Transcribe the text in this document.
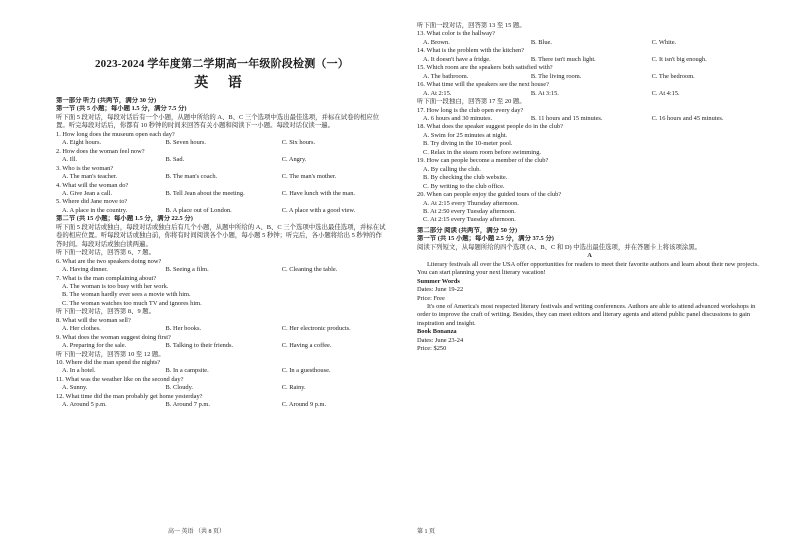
2023-2024 学年度第二学期高一年级阶段检测（一）
英 语
第一部分 听力 (共两节，满分 30 分)
第一节 (共 5 小题；每小题 1.5 分，满分 7.5 分)
听下面 5 段对话，每段对话后有一个小题，从题中所给的 A、B、C 三个选项中选出最佳选项，并标在试卷的相应位置。听完每段对话后，你都有 10 秒钟的时间来回答有关小题和阅读下一小题。每段对话仅读一遍。
1. How long does the museum open each day?
A. Eight hours.	B. Seven hours.	C. Six hours.
2. How does the woman feel now?
A. Ill.	B. Sad.	C. Angry.
3. Who is the woman?
A. The man's teacher.	B. The man's coach.	C. The man's mother.
4. What will the woman do?
A. Give Jean a call.	B. Tell Jean about the meeting.	C. Have lunch with the man.
5. Where did Jane move to?
A. A place in the country.	B. A place out of London.	C. A place with a good view.
第二节 (共 15 小题；每小题 1.5 分，满分 22.5 分)
听下面 5 段对话或独白，每段对话或独白后有几个小题，从题中所给的 A、B、C 三个选项中选出最佳选项，并标在试卷的相应位置。听每段对话或独白前，你将有时间阅读各个小题，每小题 5 秒钟；听完后，各小题将给出 5 秒钟的作答时间。每段对话或独白读两遍。
听下面一段对话，回答第 6、7 题。
6. What are the two speakers doing now?
A. Having dinner.	B. Seeing a film.	C. Cleaning the table.
7. What is the man complaining about?
A. The woman is too busy with her work.
B. The woman hardly ever sees a movie with him.
C. The woman watches too much TV and ignores him.
听下面一段对话，回答第 8、9 题。
8. What will the woman sell?
A. Her clothes.	B. Her books.	C. Her electronic products.
9. What does the woman suggest doing first?
A. Preparing for the sale.	B. Talking to their friends.	C. Having a coffee.
听下面一段对话，回答第 10 至 12 题。
10. Where did the man spend the nights?
A. In a hotel.	B. In a campsite.	C. In a guesthouse.
11. What was the weather like on the second day?
A. Sunny.	B. Cloudy.	C. Rainy.
12. What time did the man probably get home yesterday?
A. Around 5 p.m.	B. Around 7 p.m.	C. Around 9 p.m.
高一 英语 （共 8 页）
听下面一段对话，回答第 13 至 15 题。
13. What color is the hallway?
A. Brown.	B. Blue.	C. White.
14. What is the problem with the kitchen?
A. It doesn't have a fridge.	B. There isn't much light.	C. It isn't big enough.
15. Which room are the speakers both satisfied with?
A. The bathroom.	B. The living room.	C. The bedroom.
16. What time will the speakers see the next house?
A. At 2:15.	B. At 3:15.	C. At 4:15.
听下面一段独白，回答第 17 至 20 题。
17. How long is the club open every day?
A. 6 hours and 30 minutes.	B. 11 hours and 15 minutes.	C. 16 hours and 45 minutes.
18. What does the speaker suggest people do in the club?
A. Swim for 25 minutes at night.
B. Try diving in the 10-meter pool.
C. Relax in the steam room before swimming.
19. How can people become a member of the club?
A. By calling the club.
B. By checking the club website.
C. By writing to the club office.
20. When can people enjoy the guided tours of the club?
A. At 2:15 every Thursday afternoon.
B. At 2:50 every Tuesday afternoon.
C. At 2:15 every Tuesday afternoon.
第二部分 阅读 (共两节，满分 50 分)
第一节 (共 15 小题；每小题 2.5 分，满分 37.5 分)
阅读下列短文，从每题所给的四个选项 (A、B、C 和 D) 中选出最佳选项，并在答题卡上将该项涂黑。
A
Literary festivals all over the USA offer opportunities for readers to meet their favorite authors and learn about their new projects. You can start planning your next literary vacation!
Summer Words
Dates: June 19-22
Price: Free
It's one of America's most respected literary festivals and writing conferences. Authors are able to attend advanced workshops in order to improve the craft of writing. Besides, they can meet editors and literary agents and attend public panel discussions to gain inspiration and insight.
Book Bonanza
Dates: June 23-24
Price: $250
第 1 页
